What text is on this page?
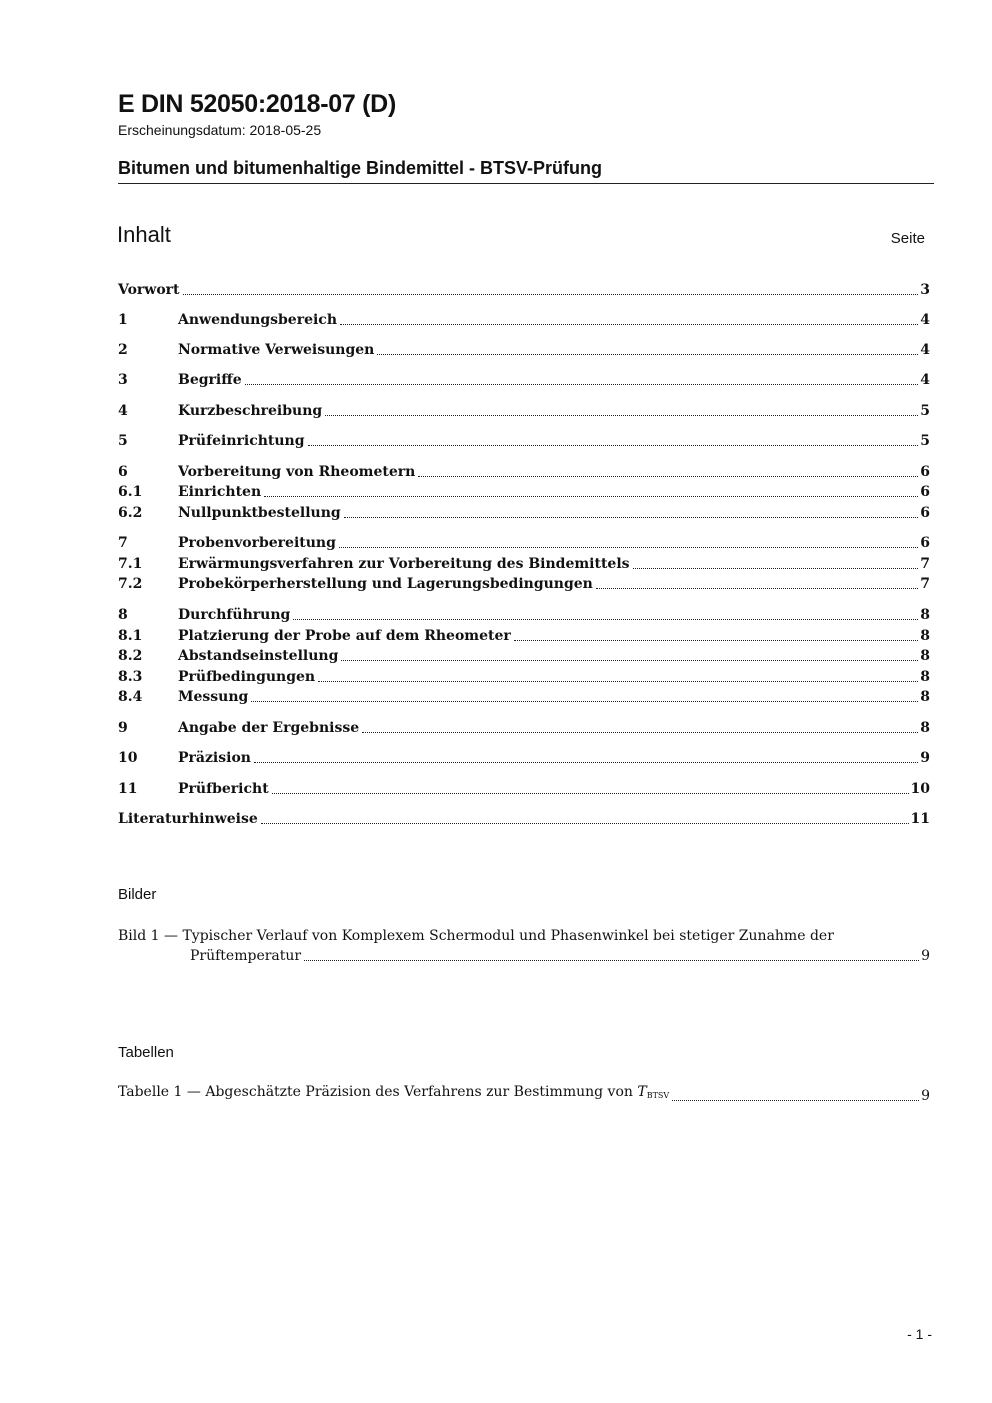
E DIN 52050:2018-07 (D)
Erscheinungsdatum: 2018-05-25
Bitumen und bitumenhaltige Bindemittel - BTSV-Prüfung
Inhalt	Seite
Vorwort	3
1	Anwendungsbereich	4
2	Normative Verweisungen	4
3	Begriffe	4
4	Kurzbeschreibung	5
5	Prüfeinrichtung	5
6	Vorbereitung von Rheometern	6
6.1	Einrichten	6
6.2	Nullpunktbestellung	6
7	Probenvorbereitung	6
7.1	Erwärmungsverfahren zur Vorbereitung des Bindemittels	7
7.2	Probekörperherstellung und Lagerungsbedingungen	7
8	Durchführung	8
8.1	Platzierung der Probe auf dem Rheometer	8
8.2	Abstandseinstellung	8
8.3	Prüfbedingungen	8
8.4	Messung	8
9	Angabe der Ergebnisse	8
10	Präzision	9
11	Prüfbericht	10
Literaturhinweise	11
Bilder
Bild 1 — Typischer Verlauf von Komplexem Schermodul und Phasenwinkel bei stetiger Zunahme der
Prüftemperatur	9
Tabellen
Tabelle 1 — Abgeschätzte Präzision des Verfahrens zur Bestimmung von $T_{BTSV}$	9
- 1 -
